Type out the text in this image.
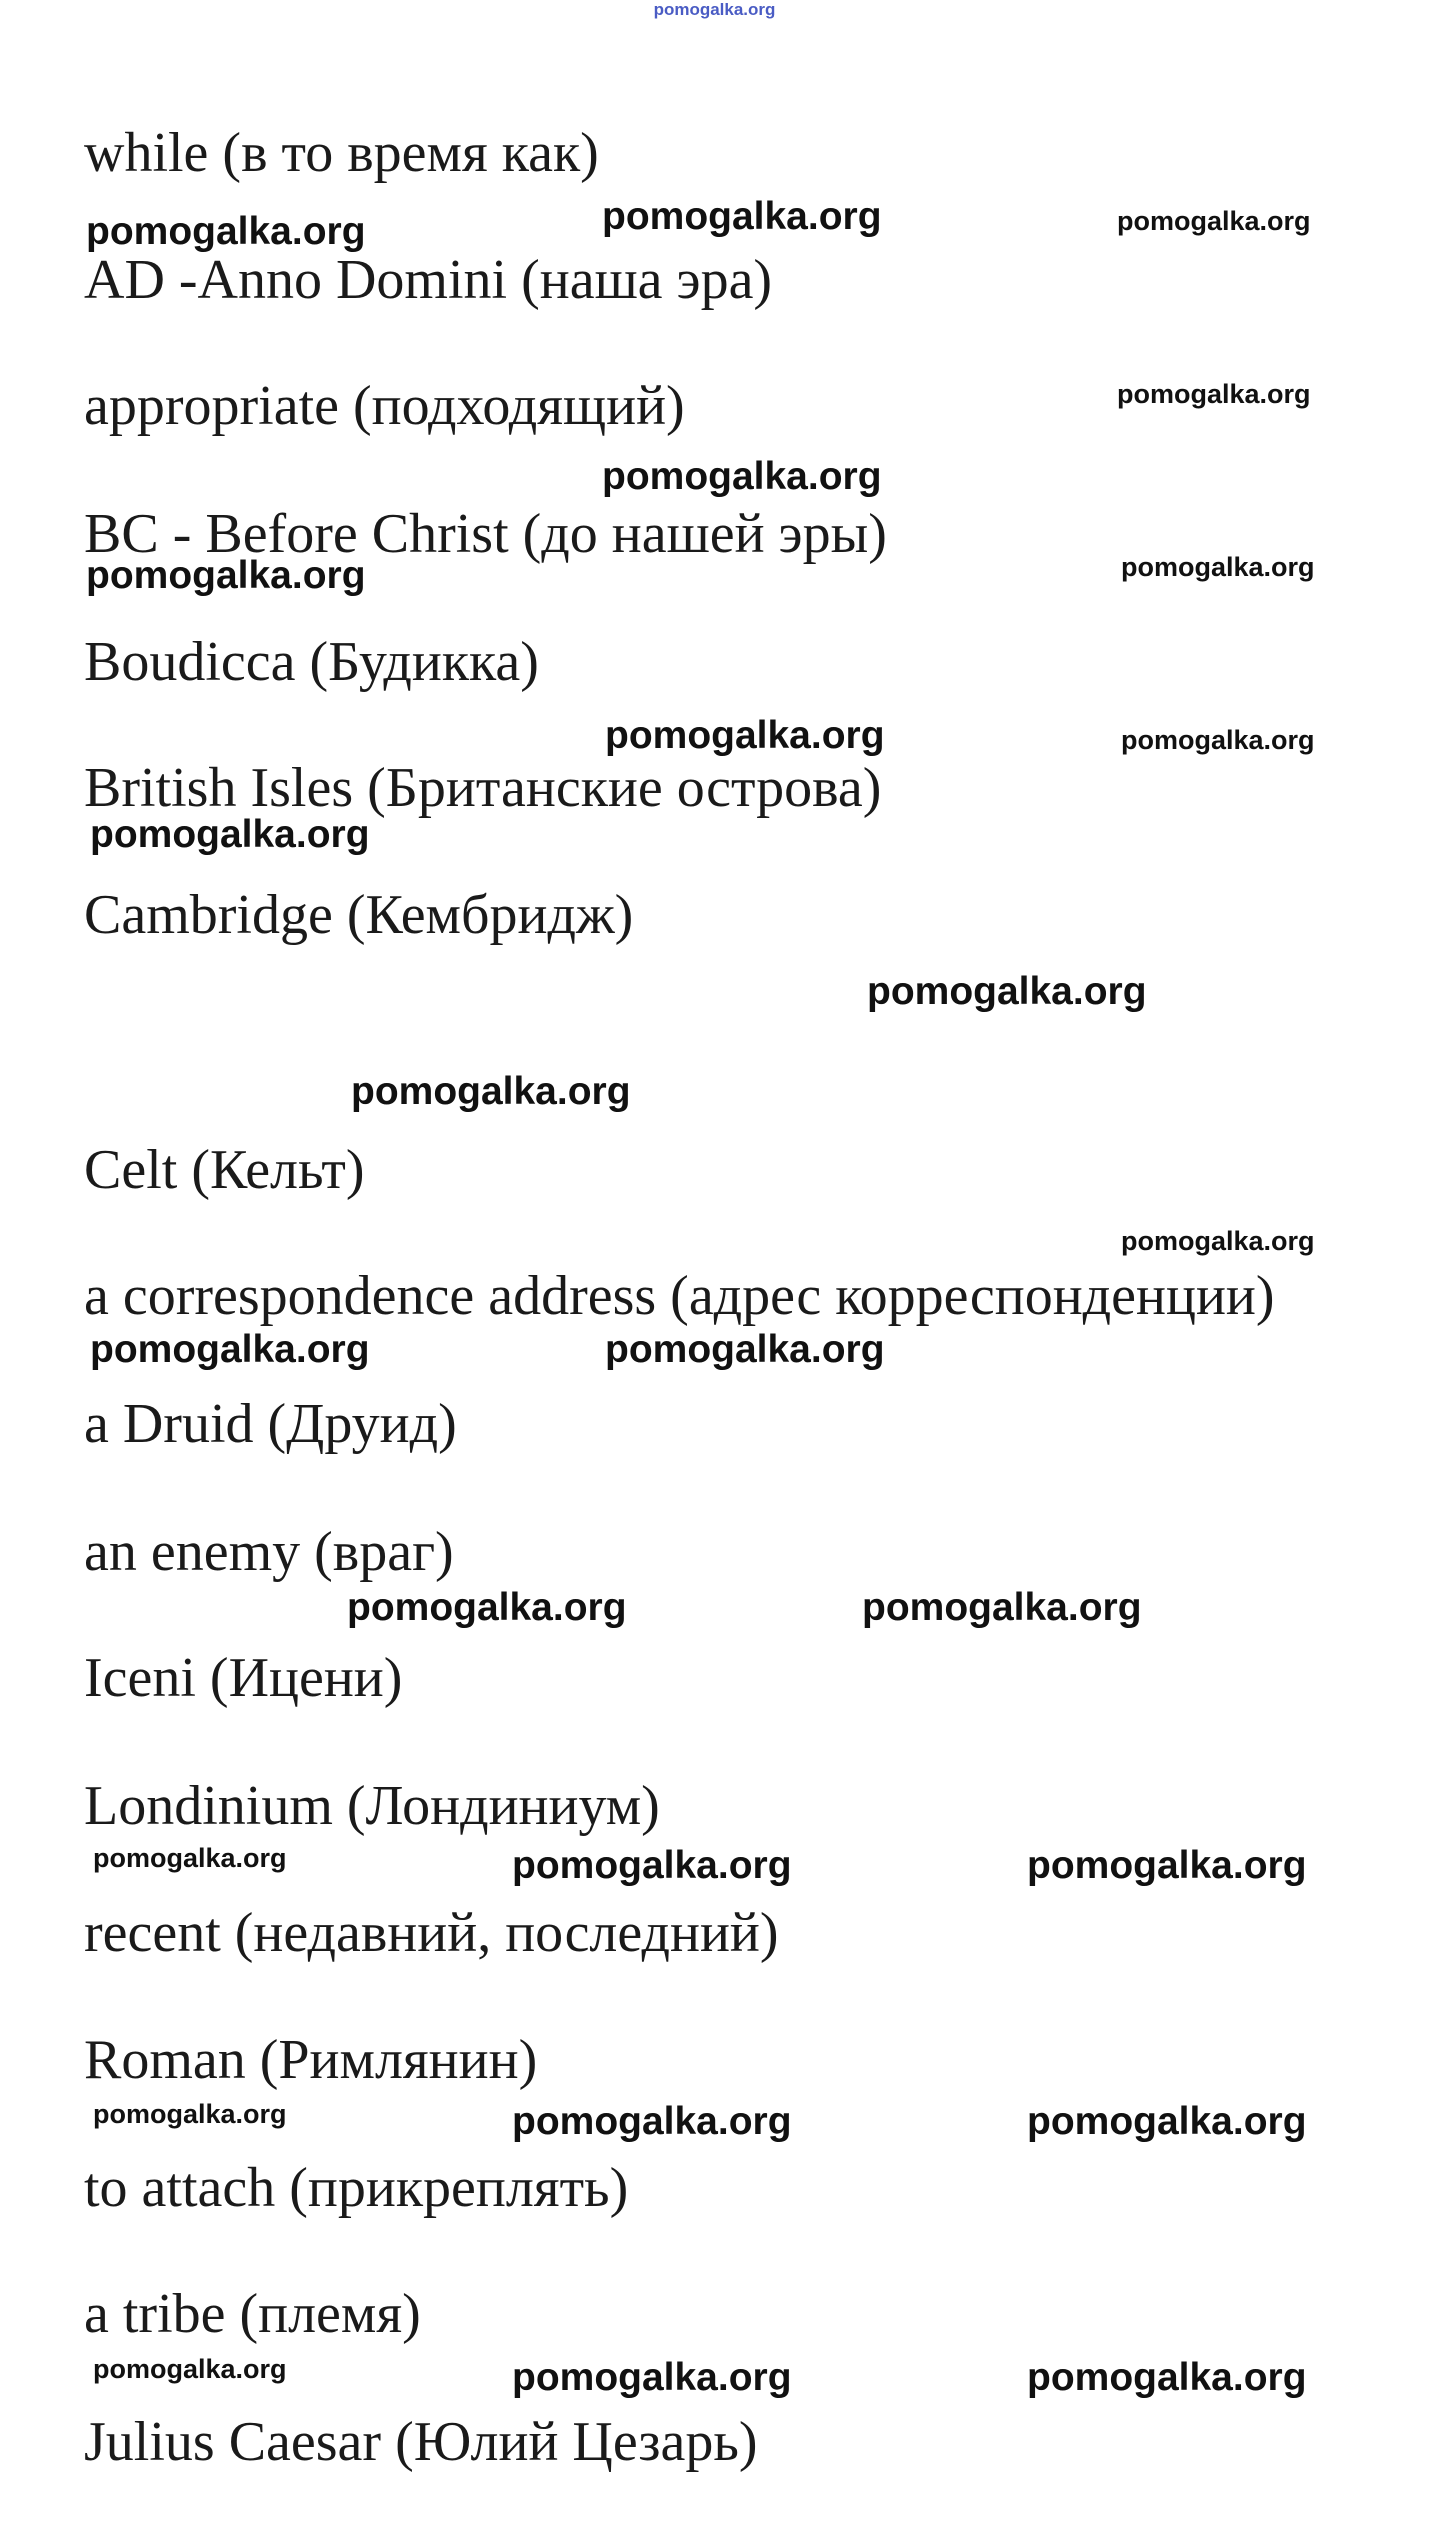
pomogalka.org
while (в то время как)
AD -Anno Domini (наша эра)
appropriate (подходящий)
BC - Before Christ (до нашей эры)
Boudicca (Будикка)
British Isles (Британские острова)
Cambridge (Кембридж)
Celt (Кельт)
a correspondence address (адрес корреспонденции)
a Druid (Друид)
an enemy (враг)
Iceni (Ицени)
Londinium (Лондиниум)
recent (недавний, последний)
Roman (Римлянин)
to attach (прикреплять)
a tribe (племя)
Julius Caesar (Юлий Цезарь)
pomogalka.org	pomogalka.org	pomogalka.org
pomogalka.org
pomogalka.org
pomogalka.org	pomogalka.org
pomogalka.org	pomogalka.org
pomogalka.org
pomogalka.org
pomogalka.org
pomogalka.org
pomogalka.org	pomogalka.org
pomogalka.org	pomogalka.org
pomogalka.org	pomogalka.org	pomogalka.org
pomogalka.org	pomogalka.org	pomogalka.org
pomogalka.org	pomogalka.org	pomogalka.org
